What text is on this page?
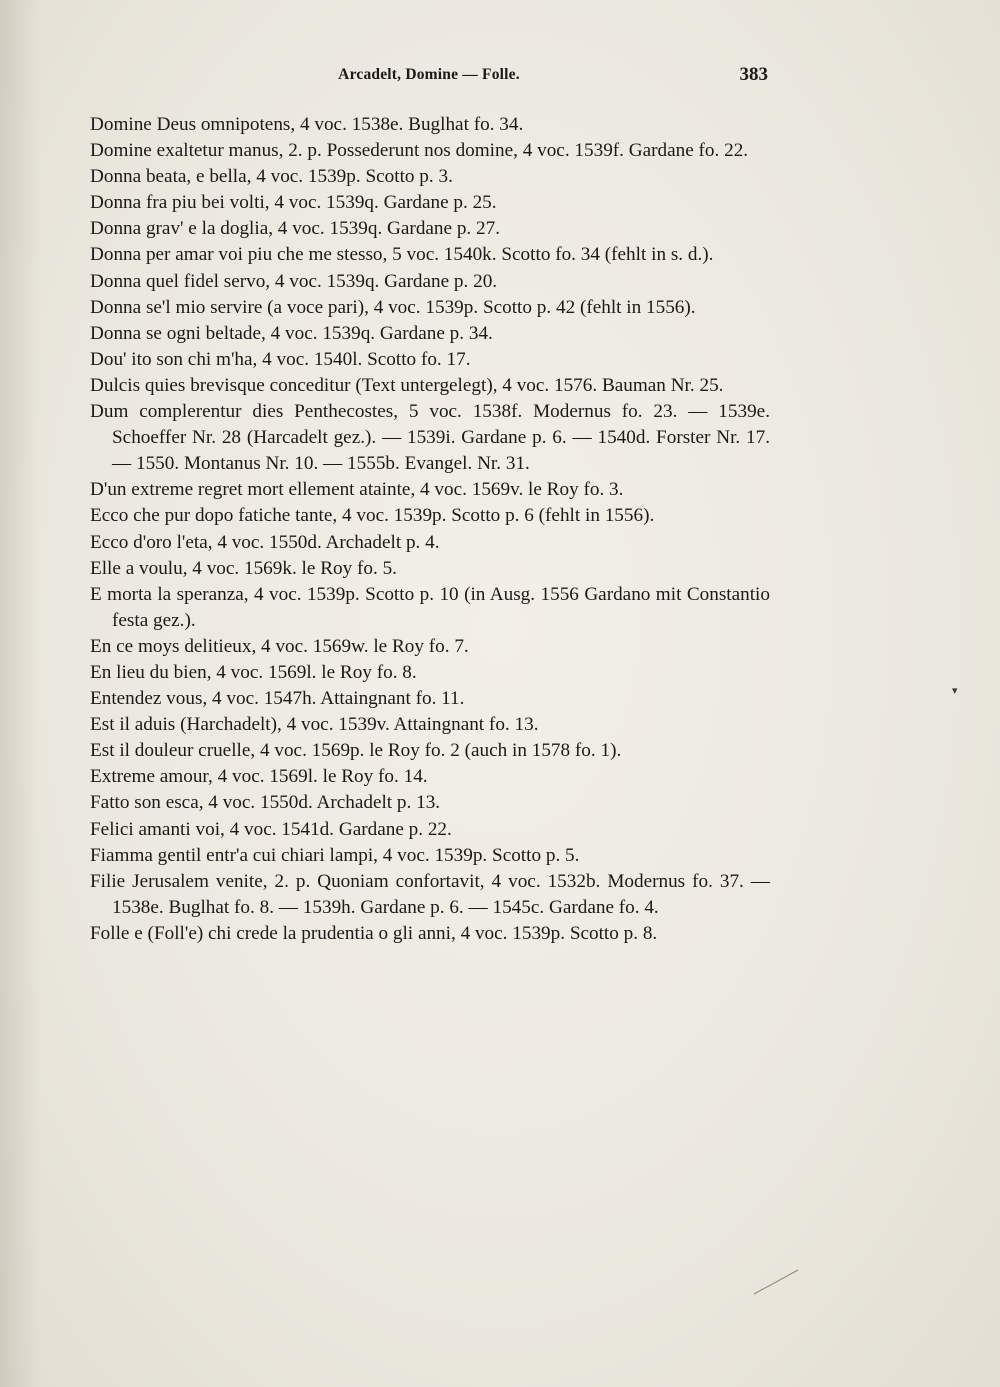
Arcadelt, Domine — Folle.	383
Domine Deus omnipotens, 4 voc. 1538e. Buglhat fo. 34.
Domine exaltetur manus, 2. p. Possederunt nos domine, 4 voc. 1539f. Gardane fo. 22.
Donna beata, e bella, 4 voc. 1539p. Scotto p. 3.
Donna fra piu bei volti, 4 voc. 1539q. Gardane p. 25.
Donna grav' e la doglia, 4 voc. 1539q. Gardane p. 27.
Donna per amar voi piu che me stesso, 5 voc. 1540k. Scotto fo. 34 (fehlt in s. d.).
Donna quel fidel servo, 4 voc. 1539q. Gardane p. 20.
Donna se'l mio servire (a voce pari), 4 voc. 1539p. Scotto p. 42 (fehlt in 1556).
Donna se ogni beltade, 4 voc. 1539q. Gardane p. 34.
Dou' ito son chi m'ha, 4 voc. 1540l. Scotto fo. 17.
Dulcis quies brevisque conceditur (Text untergelegt), 4 voc. 1576. Bauman Nr. 25.
Dum complerentur dies Penthecostes, 5 voc. 1538f. Modernus fo. 23. — 1539e. Schoeffer Nr. 28 (Harcadelt gez.). — 1539i. Gardane p. 6. — 1540d. Forster Nr. 17. — 1550. Montanus Nr. 10. — 1555b. Evangel. Nr. 31.
D'un extreme regret mort ellement atainte, 4 voc. 1569v. le Roy fo. 3.
Ecco che pur dopo fatiche tante, 4 voc. 1539p. Scotto p. 6 (fehlt in 1556).
Ecco d'oro l'eta, 4 voc. 1550d. Archadelt p. 4.
Elle a voulu, 4 voc. 1569k. le Roy fo. 5.
E morta la speranza, 4 voc. 1539p. Scotto p. 10 (in Ausg. 1556 Gardano mit Constantio festa gez.).
En ce moys delitieux, 4 voc. 1569w. le Roy fo. 7.
En lieu du bien, 4 voc. 1569l. le Roy fo. 8.
Entendez vous, 4 voc. 1547h. Attaingnant fo. 11.
Est il aduis (Harchadelt), 4 voc. 1539v. Attaingnant fo. 13.
Est il douleur cruelle, 4 voc. 1569p. le Roy fo. 2 (auch in 1578 fo. 1).
Extreme amour, 4 voc. 1569l. le Roy fo. 14.
Fatto son esca, 4 voc. 1550d. Archadelt p. 13.
Felici amanti voi, 4 voc. 1541d. Gardane p. 22.
Fiamma gentil entr'a cui chiari lampi, 4 voc. 1539p. Scotto p. 5.
Filie Jerusalem venite, 2. p. Quoniam confortavit, 4 voc. 1532b. Modernus fo. 37. — 1538e. Buglhat fo. 8. — 1539h. Gardane p. 6. — 1545c. Gardane fo. 4.
Folle e (Foll'e) chi crede la prudentia o gli anni, 4 voc. 1539p. Scotto p. 8.
▾
